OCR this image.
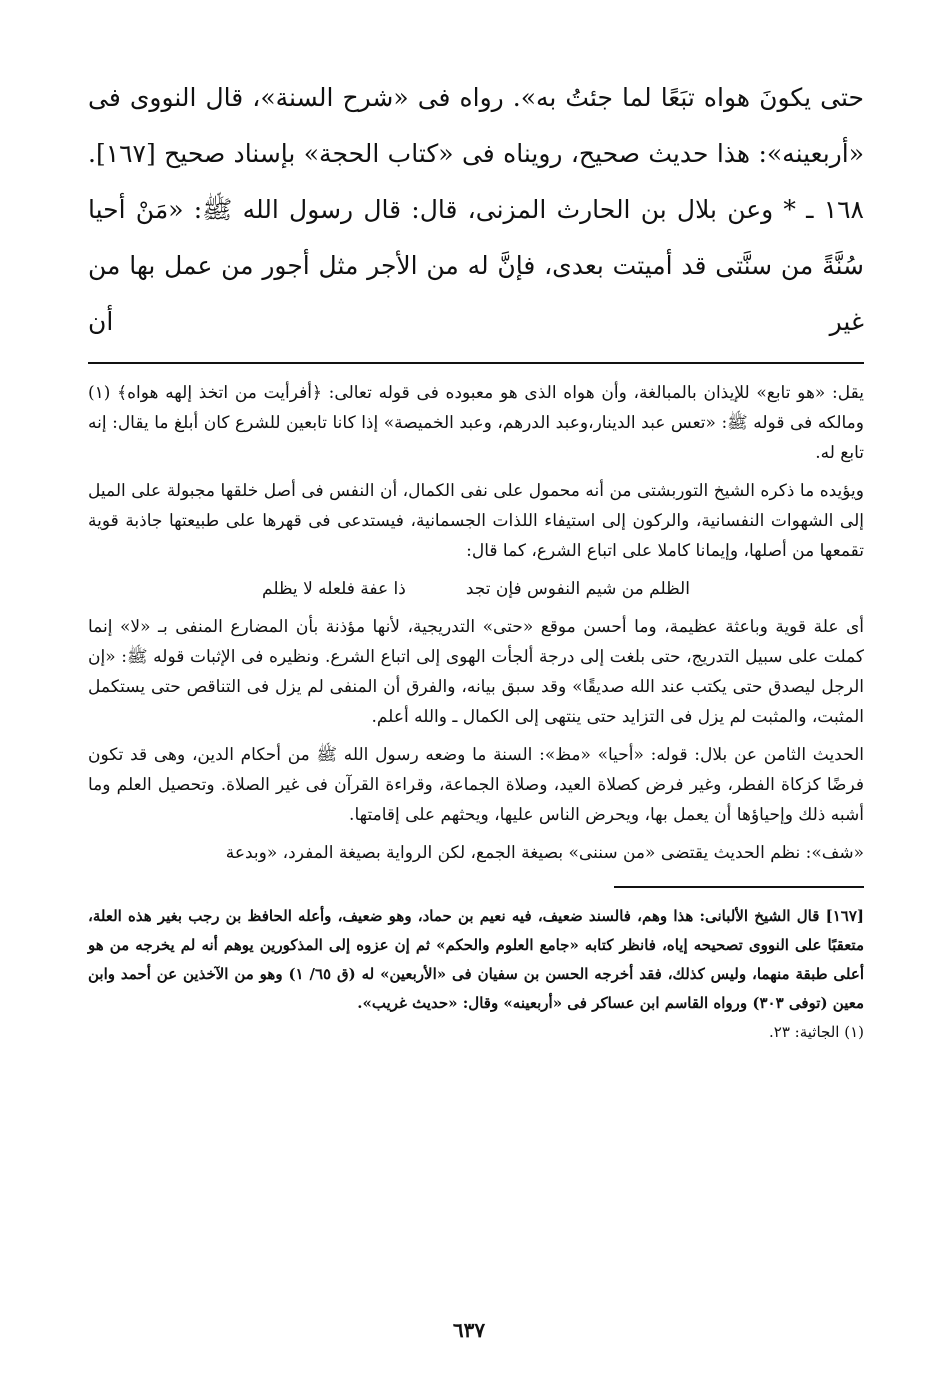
حتى يكونَ هواه تبَعًا لما جئتُ به». رواه فى «شرح السنة»، قال النووى فى «أربعينه»: هذا حديث صحيح، رويناه فى «كتاب الحجة» بإسناد صحيح [١٦٧].

١٦٨ ـ * وعن بلال بن الحارث المزنى، قال: قال رسول الله ﷺ: «مَنْ أحيا سُنَّةً من سنَّتى قد أميتت بعدى، فإنَّ له من الأجر مثل أجور من عمل بها من غير أن

يقل: «هو تابع» للإيذان بالمبالغة، وأن هواه الذى هو معبوده فى قوله تعالى: ﴿أفرأيت من اتخذ إلهه هواه﴾ (١) ومالكه فى قوله ﷺ: «تعس عبد الدينار،وعبد الدرهم، وعبد الخميصة» إذا كانا تابعين للشرع كان أبلغ ما يقال: إنه تابع له.

ويؤيده ما ذكره الشيخ التوربشتى من أنه محمول على نفى الكمال، أن النفس فى أصل خلقها مجبولة على الميل إلى الشهوات النفسانية، والركون إلى استيفاء اللذات الجسمانية، فيستدعى فى قهرها على طبيعتها جاذبة قوية تقمعها من أصلها، وإيمانا كاملا على اتباع الشرع، كما قال:

الظلم من شيم النفوس فإن تجد
ذا عفة فلعله لا يظلم

أى علة قوية وباعثة عظيمة، وما أحسن موقع «حتى» التدريجية، لأنها مؤذنة بأن المضارع المنفى بـ «لا» إنما كملت على سبيل التدريج، حتى بلغت إلى درجة ألجأت الهوى إلى اتباع الشرع. ونظيره فى الإثبات قوله ﷺ: «إن الرجل ليصدق حتى يكتب عند الله صديقًا» وقد سبق بيانه، والفرق أن المنفى لم يزل فى التناقص حتى يستكمل المثبت، والمثبت لم يزل فى التزايد حتى ينتهى إلى الكمال ـ والله أعلم.

الحديث الثامن عن بلال: قوله: «أحيا» «مظ»: السنة ما وضعه رسول الله ﷺ من أحكام الدين، وهى قد تكون فرضًا كزكاة الفطر، وغير فرض كصلاة العيد، وصلاة الجماعة، وقراءة القرآن فى غير الصلاة. وتحصيل العلم وما أشبه ذلك وإحياؤها أن يعمل بها، ويحرض الناس عليها، ويحثهم على إقامتها.

«شف»: نظم الحديث يقتضى «من سننى» بصيغة الجمع، لكن الرواية بصيغة المفرد، «وبدعة

[١٦٧] قال الشيخ الألبانى: هذا وهم، فالسند ضعيف، فيه نعيم بن حماد، وهو ضعيف، وأعله الحافظ بن رجب بغير هذه العلة، متعقبًا على النووى تصحيحه إياه، فانظر كتابه «جامع العلوم والحكم» ثم إن عزوه إلى المذكورين يوهم أنه لم يخرجه من هو أعلى طبقة منهما، وليس كذلك، فقد أخرجه الحسن بن سفيان فى «الأربعين» له (ق ٦٥/ ١) وهو من الآخذين عن أحمد وابن معين (توفى ٣٠٣) ورواه القاسم ابن عساكر فى «أربعينه» وقال: «حديث غريب».

(١) الجاثية: ٢٣.

٦٣٧
